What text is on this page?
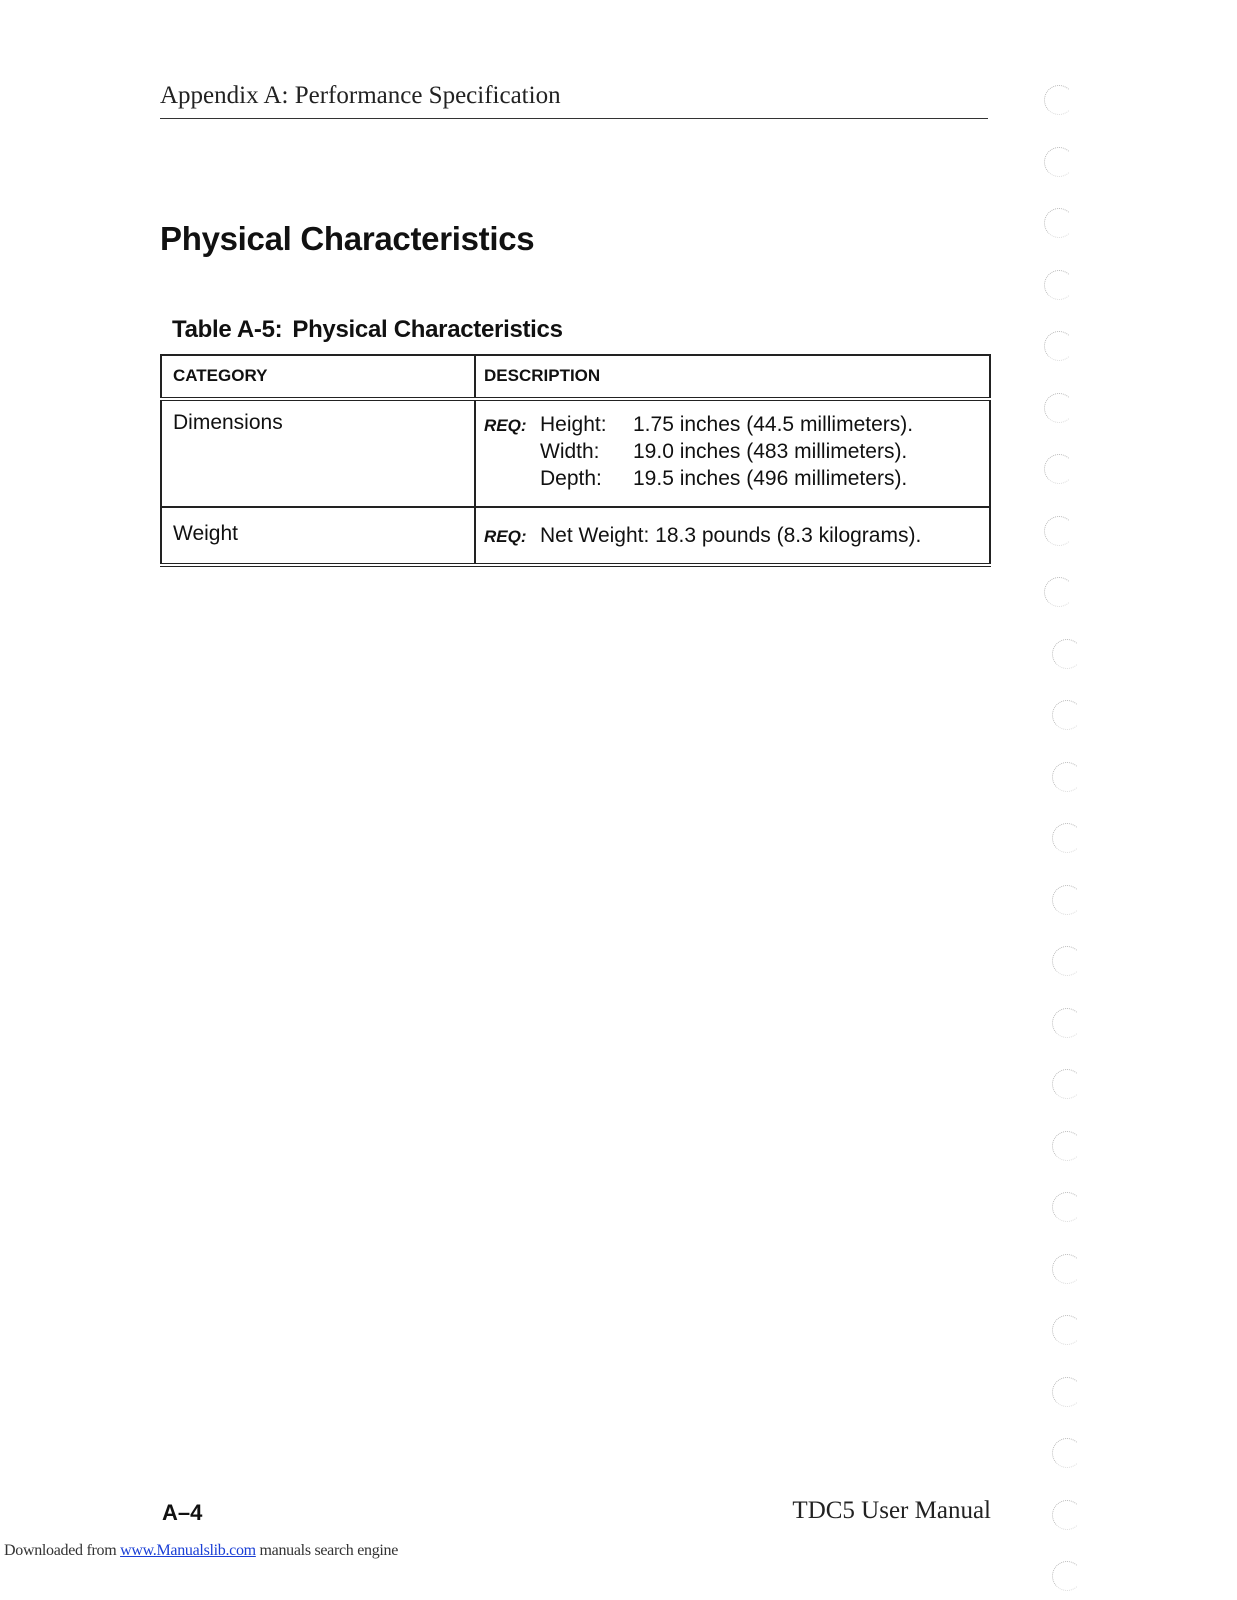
Appendix A: Performance Specification
Physical Characteristics
Table A-5: Physical Characteristics
CATEGORY	DESCRIPTION
Dimensions	REQ: Height: 1.75 inches (44.5 millimeters).
Width: 19.0 inches (483 millimeters).
Depth: 19.5 inches (496 millimeters).

Weight	REQ: Net Weight: 18.3 pounds (8.3 kilograms).
A–4	TDC5 User Manual
Downloaded from www.Manualslib.com manuals search engine
